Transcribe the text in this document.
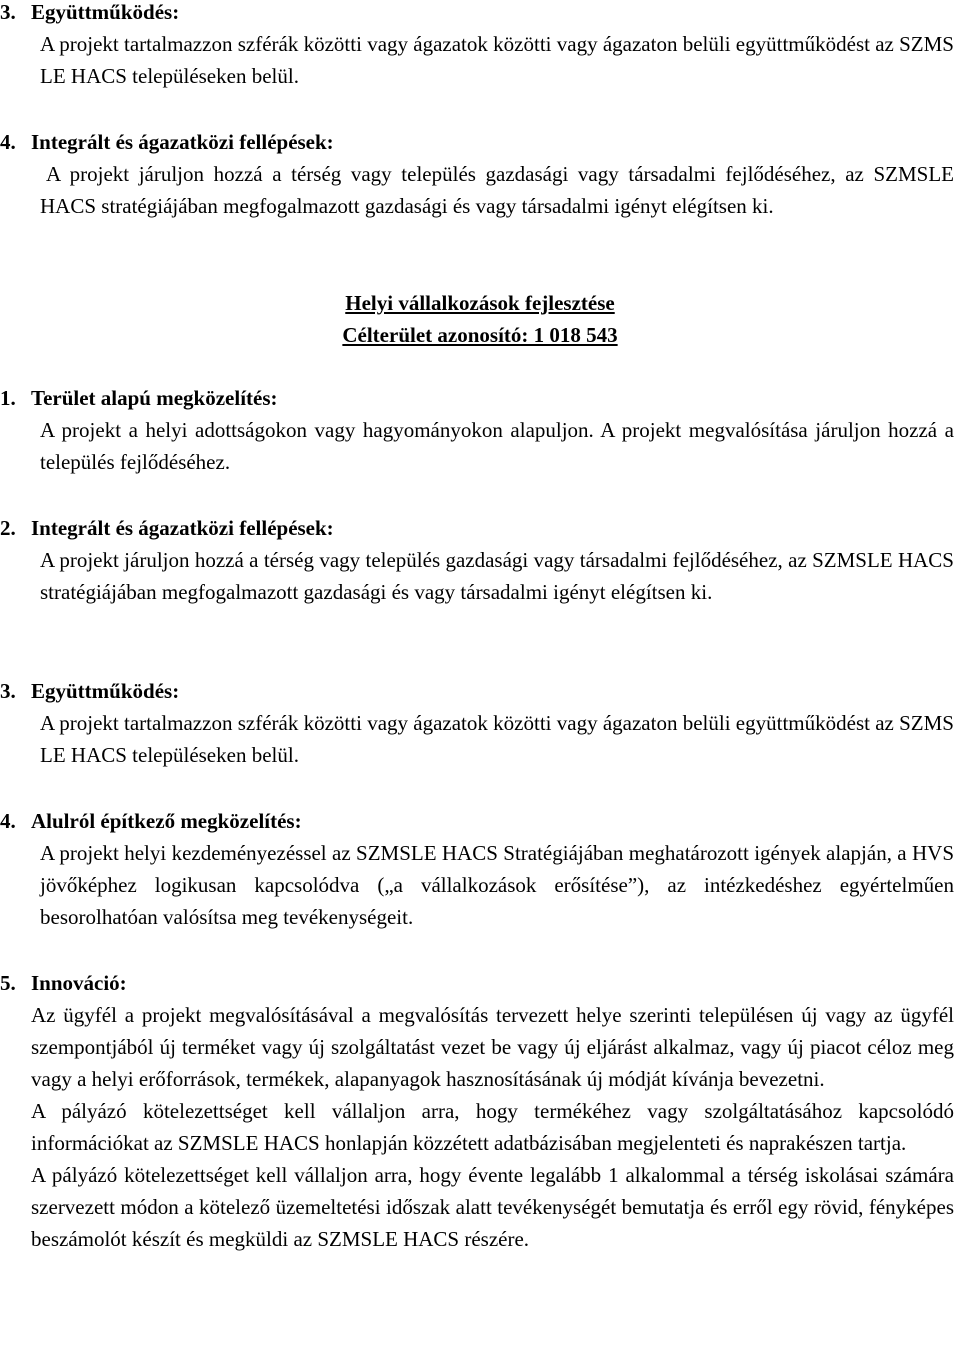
3. Együttműködés:

A projekt tartalmazzon szférák közötti vagy ágazatok közötti vagy ágazaton belüli együttműködést az SZMS LE HACS településeken belül.

4. Integrált és ágazatközi fellépések:

A projekt járuljon hozzá a térség vagy település gazdasági vagy társadalmi fejlődéséhez, az SZMSLE HACS stratégiájában megfogalmazott gazdasági és vagy társadalmi igényt elégítsen ki.

Helyi vállalkozások fejlesztése
Célterület azonosító: 1 018 543
1. Terület alapú megközelítés:

A projekt a helyi adottságokon vagy hagyományokon alapuljon. A projekt megvalósítása járuljon hozzá a település fejlődéséhez.

2. Integrált és ágazatközi fellépések:

A projekt járuljon hozzá a térség vagy település gazdasági vagy társadalmi fejlődéséhez, az SZMSLE HACS stratégiájában megfogalmazott gazdasági és vagy társadalmi igényt elégítsen ki.

3. Együttműködés:

A projekt tartalmazzon szférák közötti vagy ágazatok közötti vagy ágazaton belüli együttműködést az SZMS LE HACS településeken belül.

4. Alulról építkező megközelítés:

A projekt helyi kezdeményezéssel az SZMSLE HACS Stratégiájában meghatározott igények alapján, a HVS jövőképhez logikusan kapcsolódva („a vállalkozások erősítése”), az intézkedéshez egyértelműen besorolhatóan valósítsa meg tevékenységeit.

5. Innováció:

Az ügyfél a projekt megvalósításával a megvalósítás tervezett helye szerinti településen új vagy az ügyfél szempontjából új terméket vagy új szolgáltatást vezet be vagy új eljárást alkalmaz, vagy új piacot céloz meg vagy a helyi erőforrások, termékek, alapanyagok hasznosításának új módját kívánja bevezetni.

A pályázó kötelezettséget kell vállaljon arra, hogy termékéhez vagy szolgáltatásához kapcsolódó információkat az SZMSLE HACS honlapján közzétett adatbázisában megjelenteti és naprakészen tartja.

A pályázó kötelezettséget kell vállaljon arra, hogy évente legalább 1 alkalommal a térség iskolásai számára szervezett módon a kötelező üzemeltetési időszak alatt tevékenységét bemutatja és erről egy rövid, fényképes beszámolót készít és megküldi az SZMSLE HACS részére.
